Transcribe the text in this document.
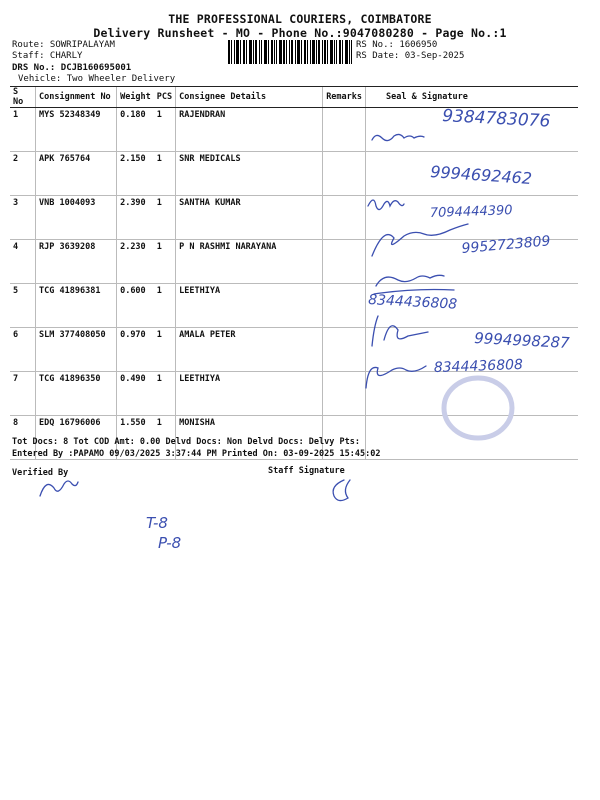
THE PROFESSIONAL COURIERS, COIMBATORE
Delivery Runsheet - MO - Phone No.:9047080280 - Page No.:1
Route: SOWRIPALAYAM
Staff: CHARLY
DRS No.: DCJB160695001
Vehicle: Two Wheeler Delivery
RS No.: 1606950
RS Date: 03-Sep-2025
S No	Consignment No	Weight	PCS	Consignee Details	Remarks	Seal & Signature
1	MYS 52348349	0.180	1	RAJENDRAN		
2	APK 765764	2.150	1	SNR MEDICALS		
3	VNB 1004093	2.390	1	SANTHA KUMAR		
4	RJP 3639208	2.230	1	P N RASHMI NARAYANA		
5	TCG 41896381	0.600	1	LEETHIYA		
6	SLM 377408050	0.970	1	AMALA PETER		
7	TCG 41896350	0.490	1	LEETHIYA		
8	EDQ 16796006	1.550	1	MONISHA		
Tot Docs: 8 Tot COD Amt: 0.00 Delvd Docs: Non Delvd Docs: Delvy Pts:
Entered By :PAPAMO 09/03/2025 3:37:44 PM Printed On: 03-09-2025 15:45:02
Verified By	Staff Signature
9384783076
9994692462
7094444390
9952723809
8344436808
9994998287
8344436808
T-8
P-8
